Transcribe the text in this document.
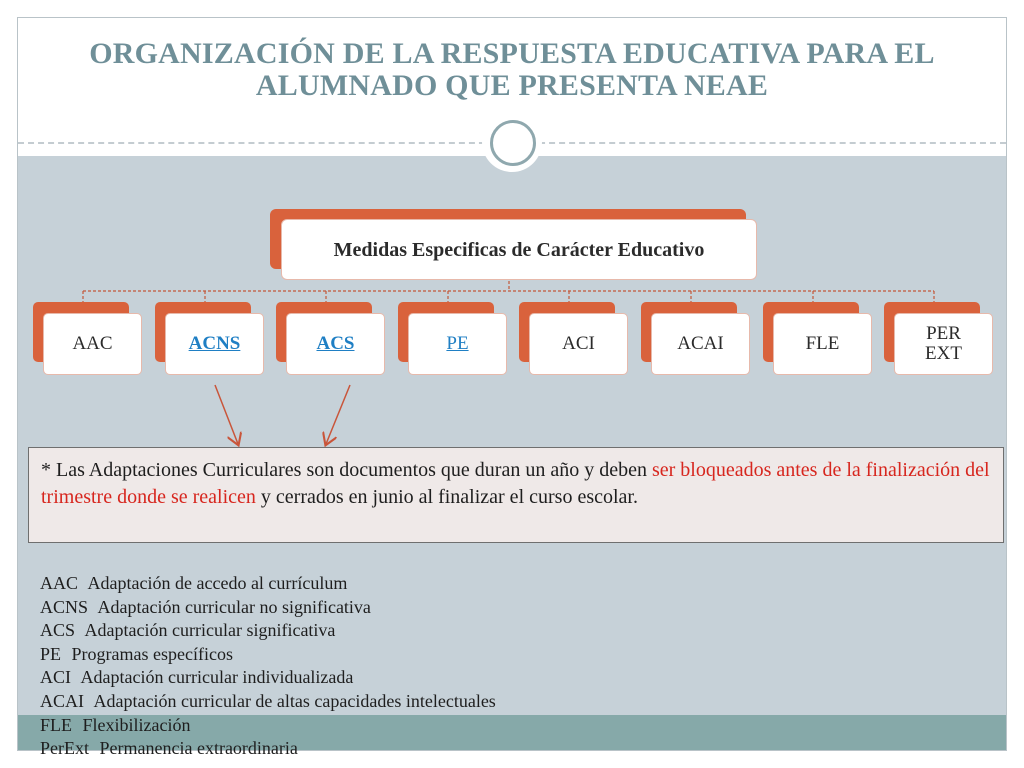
ORGANIZACIÓN DE LA RESPUESTA EDUCATIVA PARA EL
ALUMNADO QUE PRESENTA NEAE
Medidas Especificas de Carácter Educativo
AAC	ACNS	ACS	PE	ACI	ACAI	FLE	PER EXT
* Las Adaptaciones Curriculares son documentos que duran un año y deben ser bloqueados antes de la finalización del trimestre donde se realicen y cerrados en junio al finalizar el curso escolar.
AAC Adaptación de accedo al currículum
ACNS Adaptación curricular no significativa
ACS Adaptación curricular significativa
PE Programas específicos
ACI Adaptación curricular individualizada
ACAI Adaptación curricular de altas capacidades intelectuales
FLE Flexibilización
PerExt Permanencia extraordinaria
